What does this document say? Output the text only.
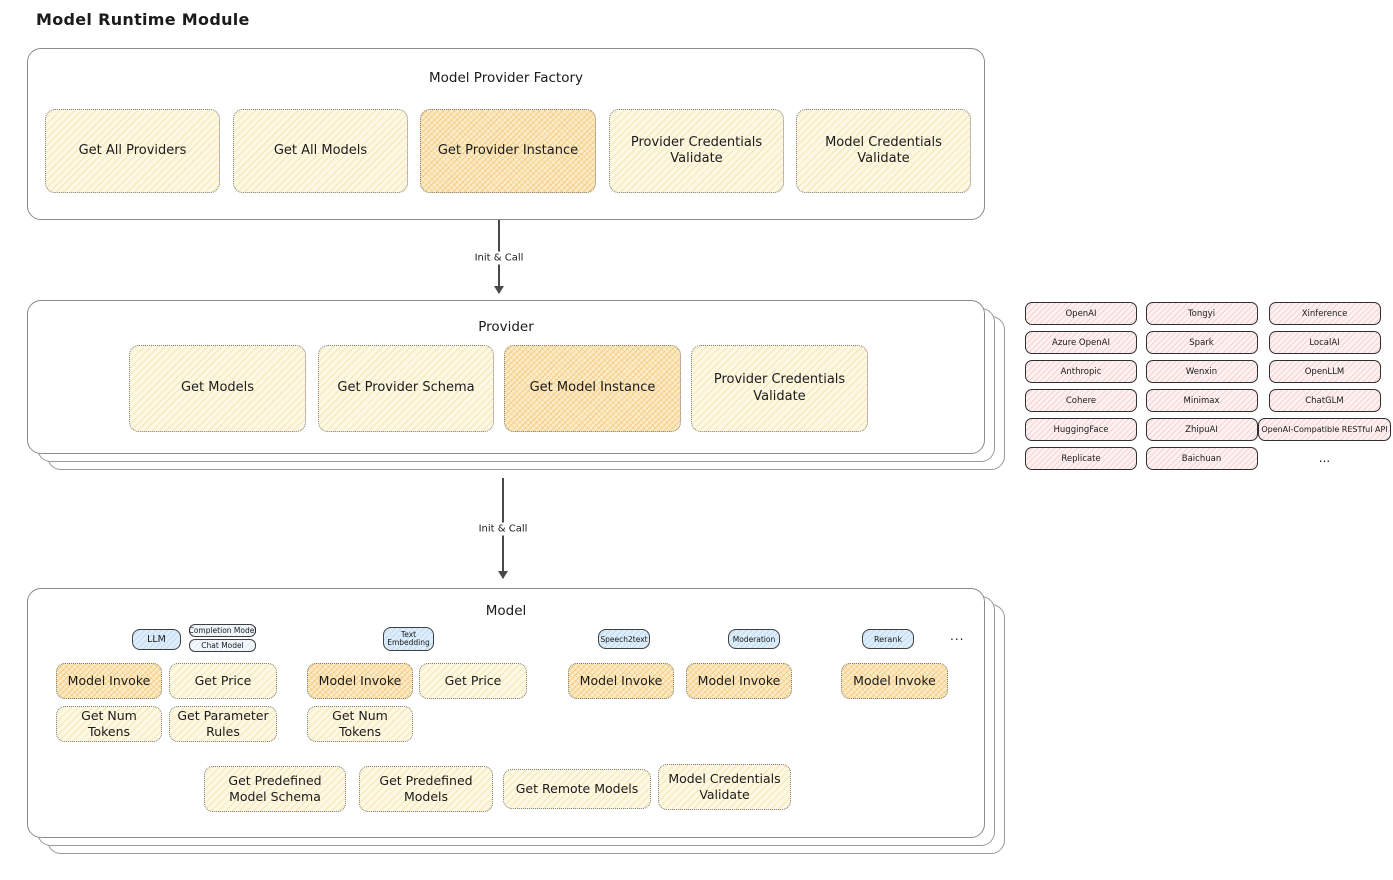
Model Runtime Module
Model Provider Factory
Get All Providers	Get All Models	Get Provider Instance
Provider Credentials Validate
Model Credentials Validate
Init & Call
Provider
Get Models	Get Provider Schema	Get Model Instance
Provider Credentials Validate
OpenAI
Azure OpenAI
Anthropic
Cohere
HuggingFace
Replicate
Tongyi
Spark
Wenxin
Minimax
ZhipuAI
Baichuan
Xinference
LocalAI
OpenLLM
ChatGLM
OpenAI-Compatible RESTful API
...
Init & Call
Model
LLM
Completion Model
Chat Model
Text Embedding	Speech2text	Moderation	Rerank	...
Model Invoke	Get Price
Get Num Tokens
Get Parameter Rules
Model Invoke	Get Price
Get Num Tokens
Model Invoke	Model Invoke	Model Invoke
Get Predefined Model Schema
Get Predefined Models
Get Remote Models
Model Credentials Validate
